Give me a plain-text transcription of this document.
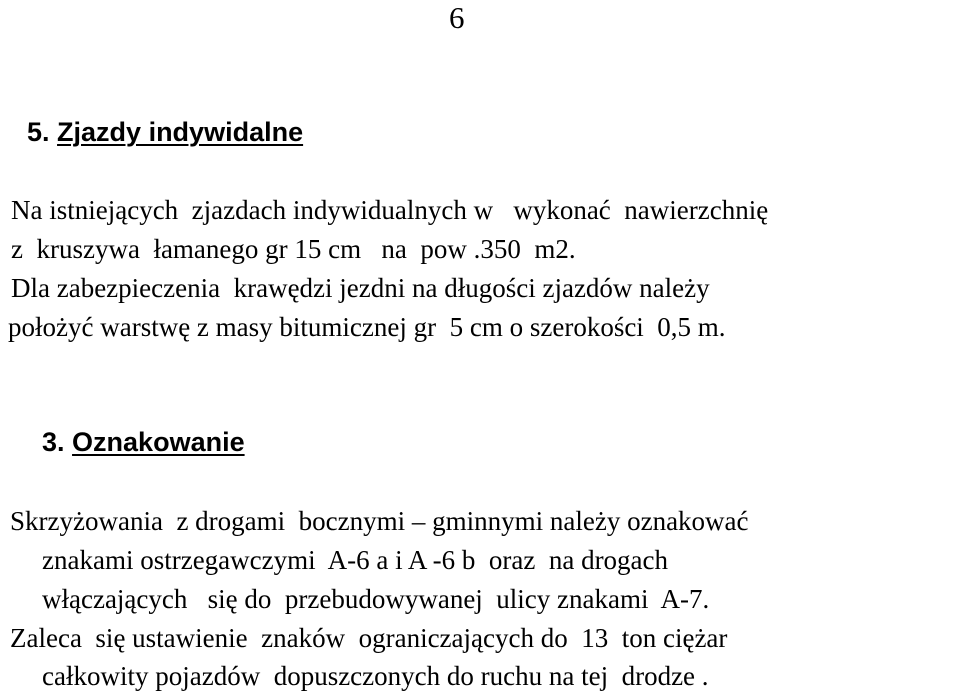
6
5. Zjazdy indywidalne
Na istniejących  zjazdach indywidualnych w   wykonać  nawierzchnię
z  kruszywa  łamanego gr 15 cm   na  pow .350  m2.
Dla zabezpieczenia  krawędzi jezdni na długości zjazdów należy
położyć warstwę z masy bitumicznej gr  5 cm o szerokości  0,5 m.
3. Oznakowanie
Skrzyżowania  z drogami  bocznymi – gminnymi należy oznakować
znakami ostrzegawczymi  A-6 a i A -6 b  oraz  na drogach
włączających   się do  przebudowywanej  ulicy znakami  A-7.
Zaleca  się ustawienie  znaków  ograniczających do  13  ton ciężar
całkowity pojazdów  dopuszczonych do ruchu na tej  drodze .
